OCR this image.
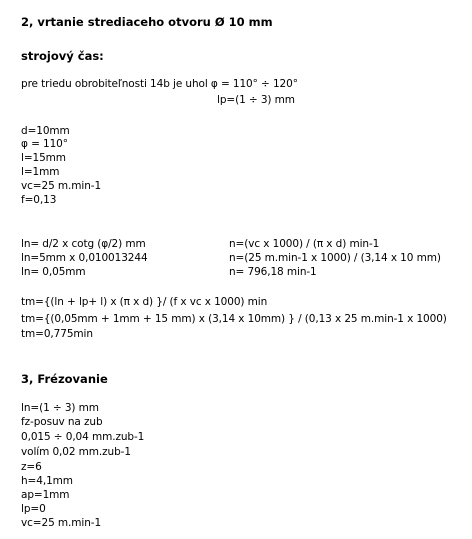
2, vrtanie strediaceho otvoru Ø 10 mm
strojový čas:
pre triedu obrobiteľnosti 14b je uhol φ = 110° ÷ 120°
lp=(1 ÷ 3) mm
d=10mm
φ = 110°
l=15mm
l=1mm
vc=25 m.min-1
f=0,13
ln= d/2 x cotg (φ/2) mm
ln=5mm x 0,010013244
ln= 0,05mm
n=(vc x 1000) / (π x d) min-1
n=(25 m.min-1 x 1000) / (3,14 x 10 mm)
n= 796,18 min-1
tm={(ln + lp+ l) x (π x d) }/ (f x vc x 1000) min
tm={(0,05mm + 1mm + 15 mm) x (3,14 x 10mm) } / (0,13 x 25 m.min-1 x 1000)
tm=0,775min
3, Frézovanie
ln=(1 ÷ 3) mm
fz-posuv na zub
0,015 ÷ 0,04 mm.zub-1
volím 0,02 mm.zub-1
z=6
h=4,1mm
ap=1mm
lp=0
vc=25 m.min-1
